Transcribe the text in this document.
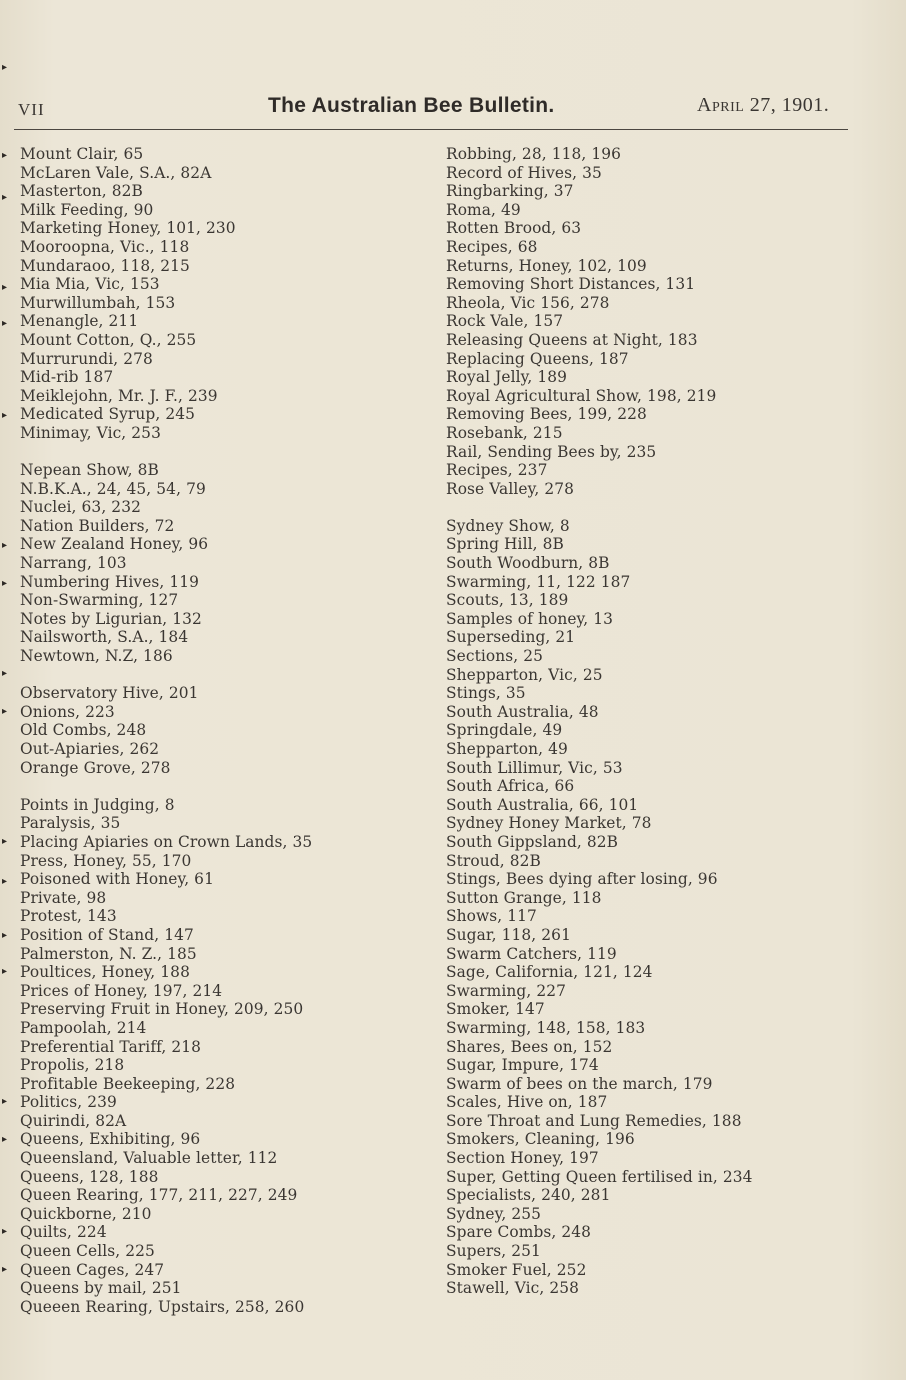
▸
▸
▸
▸
▸
▸
▸
▸
▸
▸
▸
▸
▸
▸
▸
▸
▸
▸
VII	The Australian Bee Bulletin.	April 27, 1901.
Mount Clair, 65
McLaren Vale, S.A., 82A
Masterton, 82B
Milk Feeding, 90
Marketing Honey, 101, 230
Mooroopna, Vic., 118
Mundaraoo, 118, 215
Mia Mia, Vic, 153
Murwillumbah, 153
Menangle, 211
Mount Cotton, Q., 255
Murrurundi, 278
Mid-rib 187
Meiklejohn, Mr. J. F., 239
Medicated Syrup, 245
Minimay, Vic, 253
Nepean Show, 8B
N.B.K.A., 24, 45, 54, 79
Nuclei, 63, 232
Nation Builders, 72
New Zealand Honey, 96
Narrang, 103
Numbering Hives, 119
Non-Swarming, 127
Notes by Ligurian, 132
Nailsworth, S.A., 184
Newtown, N.Z, 186
Observatory Hive, 201
Onions, 223
Old Combs, 248
Out-Apiaries, 262
Orange Grove, 278
Points in Judging, 8
Paralysis, 35
Placing Apiaries on Crown Lands, 35
Press, Honey, 55, 170
Poisoned with Honey, 61
Private, 98
Protest, 143
Position of Stand, 147
Palmerston, N. Z., 185
Poultices, Honey, 188
Prices of Honey, 197, 214
Preserving Fruit in Honey, 209, 250
Pampoolah, 214
Preferential Tariff, 218
Propolis, 218
Profitable Beekeeping, 228
Politics, 239
Quirindi, 82A
Queens, Exhibiting, 96
Queensland, Valuable letter, 112
Queens, 128, 188
Queen Rearing, 177, 211, 227, 249
Quickborne, 210
Quilts, 224
Queen Cells, 225
Queen Cages, 247
Queens by mail, 251
Queeen Rearing, Upstairs, 258, 260
Robbing, 28, 118, 196
Record of Hives, 35
Ringbarking, 37
Roma, 49
Rotten Brood, 63
Recipes, 68
Returns, Honey, 102, 109
Removing Short Distances, 131
Rheola, Vic 156, 278
Rock Vale, 157
Releasing Queens at Night, 183
Replacing Queens, 187
Royal Jelly, 189
Royal Agricultural Show, 198, 219
Removing Bees, 199, 228
Rosebank, 215
Rail, Sending Bees by, 235
Recipes, 237
Rose Valley, 278
Sydney Show, 8
Spring Hill, 8B
South Woodburn, 8B
Swarming, 11, 122 187
Scouts, 13, 189
Samples of honey, 13
Superseding, 21
Sections, 25
Shepparton, Vic, 25
Stings, 35
South Australia, 48
Springdale, 49
Shepparton, 49
South Lillimur, Vic, 53
South Africa, 66
South Australia, 66, 101
Sydney Honey Market, 78
South Gippsland, 82B
Stroud, 82B
Stings, Bees dying after losing, 96
Sutton Grange, 118
Shows, 117
Sugar, 118, 261
Swarm Catchers, 119
Sage, California, 121, 124
Swarming, 227
Smoker, 147
Swarming, 148, 158, 183
Shares, Bees on, 152
Sugar, Impure, 174
Swarm of bees on the march, 179
Scales, Hive on, 187
Sore Throat and Lung Remedies, 188
Smokers, Cleaning, 196
Section Honey, 197
Super, Getting Queen fertilised in, 234
Specialists, 240, 281
Sydney, 255
Spare Combs, 248
Supers, 251
Smoker Fuel, 252
Stawell, Vic, 258
